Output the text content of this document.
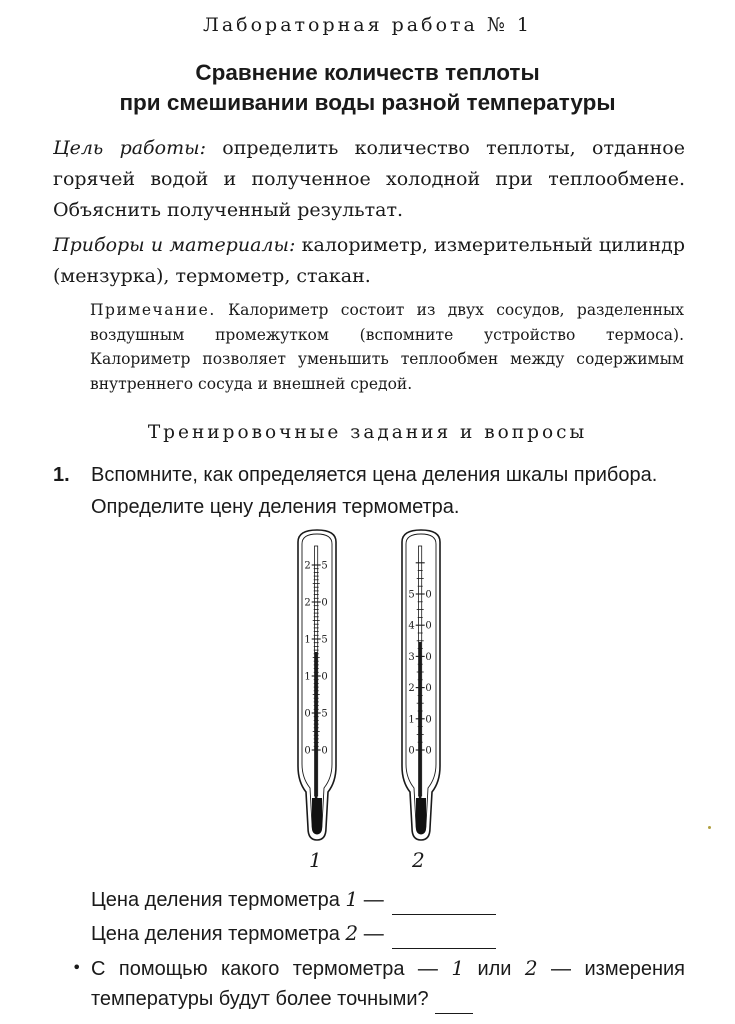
Лабораторная работа № 1
Сравнение количеств теплоты
при смешивании воды разной температуры
Цель работы: определить количество теплоты, отданное горячей водой и полученное холодной при теплообмене. Объяснить полученный результат.
Приборы и материалы: калориметр, измерительный цилиндр (мензурка), термометр, стакан.
Примечание. Калориметр состоит из двух сосудов, разделенных воздушным промежутком (вспомните устройство термоса). Калориметр позволяет уменьшить теплообмен между содержимым внутреннего сосуда и внешней средой.
Тренировочные задания и вопросы
1. Вспомните, как определяется цена деления шкалы прибора. Определите цену деления термометра.
2 5
2 0
1 5
1 0
0 5
0 0
5 0
4 0
3 0
2 0
1 0
0 0
1	2
Цена деления термометра 1 —
Цена деления термометра 2 —
• С помощью какого термометра — 1 или 2 — измерения температуры будут более точными?
